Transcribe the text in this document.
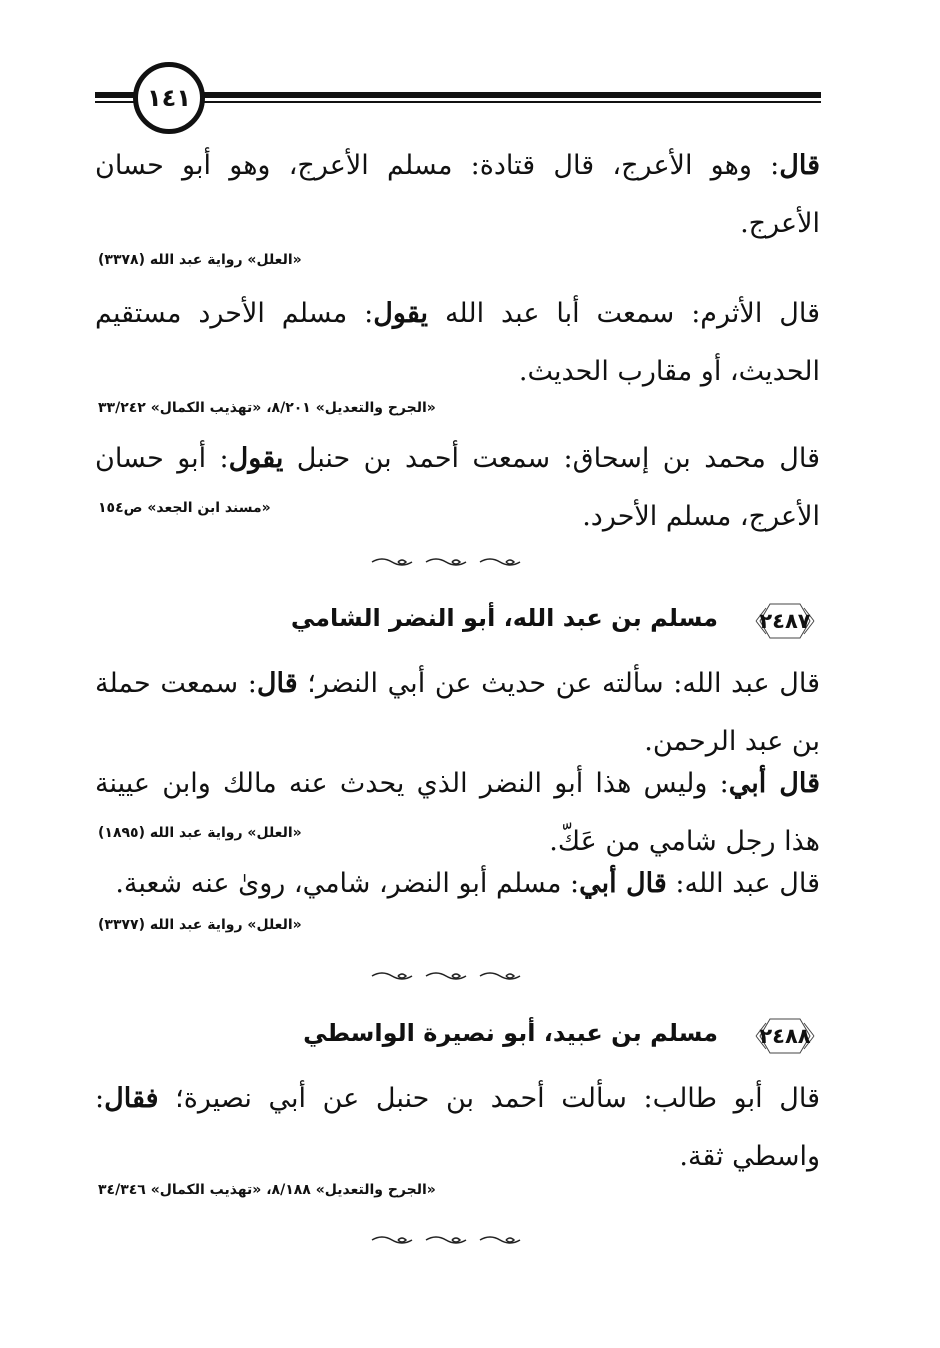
١٤١

قال: وهو الأعرج، قال قتادة: مسلم الأعرج، وهو أبو حسان الأعرج.

«العلل» رواية عبد الله (٣٣٧٨)

قال الأثرم: سمعت أبا عبد الله يقول: مسلم الأحرد مستقيم الحديث، أو مقارب الحديث.

«الجرح والتعديل» ٨/٢٠١، «تهذيب الكمال» ٣٣/٢٤٢

قال محمد بن إسحاق: سمعت أحمد بن حنبل يقول: أبو حسان الأعرج، مسلم الأحرد.

«مسند ابن الجعد» ص١٥٤
٢٤٨٧
مسلم بن عبد الله، أبو النضر الشامي

قال عبد الله: سألته عن حديث عن أبي النضر؛ قال: سمعت حملة بن عبد الرحمن.

قال أبي: وليس هذا أبو النضر الذي يحدث عنه مالك وابن عيينة هذا رجل شامي من عَكّ.

«العلل» رواية عبد الله (١٨٩٥)

قال عبد الله: قال أبي: مسلم أبو النضر، شامي، روىٰ عنه شعبة.

«العلل» رواية عبد الله (٣٣٧٧)
٢٤٨٨
مسلم بن عبيد، أبو نصيرة الواسطي

قال أبو طالب: سألت أحمد بن حنبل عن أبي نصيرة؛ فقال: واسطي ثقة.

«الجرح والتعديل» ٨/١٨٨، «تهذيب الكمال» ٣٤/٣٤٦
